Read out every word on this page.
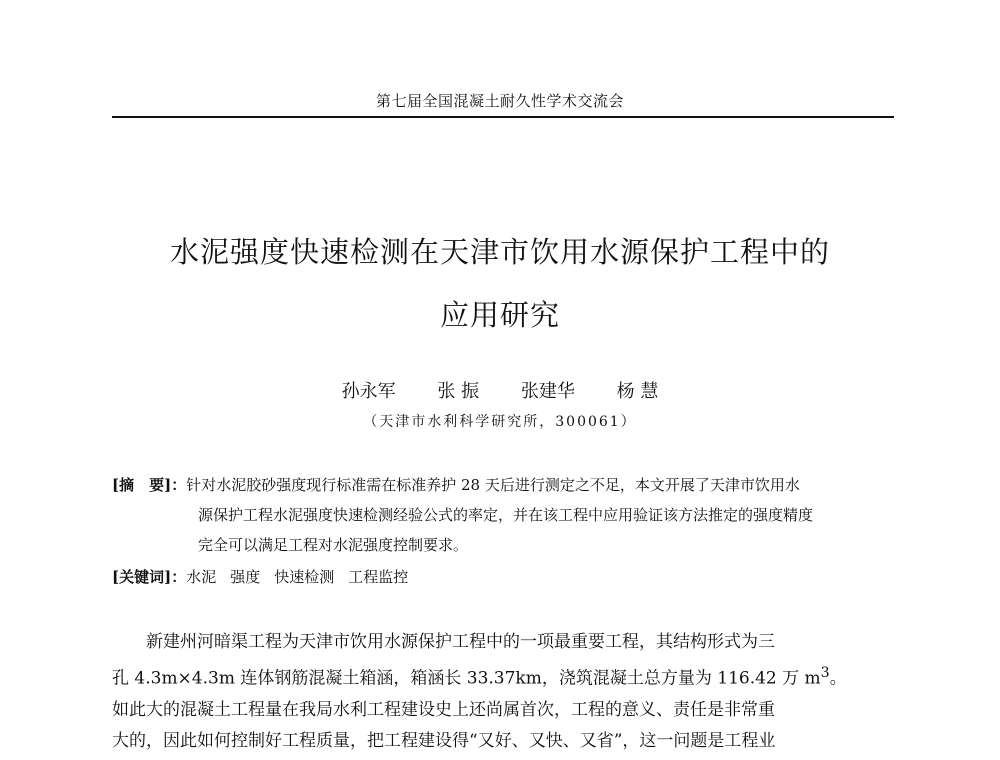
第七届全国混凝土耐久性学术交流会
水泥强度快速检测在天津市饮用水源保护工程中的
应用研究
孙永军 张 振 张建华 杨 慧
（天津市水利科学研究所，300061）
[摘　要]：针对水泥胶砂强度现行标准需在标准养护 28 天后进行测定之不足，本文开展了天津市饮用水
源保护工程水泥强度快速检测经验公式的率定，并在该工程中应用验证该方法推定的强度精度
完全可以满足工程对水泥强度控制要求。
[关键词]：水泥 强度 快速检测 工程监控
新建州河暗渠工程为天津市饮用水源保护工程中的一项最重要工程，其结构形式为三
孔 4.3m×4.3m 连体钢筋混凝土箱涵，箱涵长 33.37km，浇筑混凝土总方量为 116.42 万 $m^3$。
如此大的混凝土工程量在我局水利工程建设史上还尚属首次，工程的意义、责任是非常重
大的，因此如何控制好工程质量，把工程建设得“又好、又快、又省”，这一问题是工程业
